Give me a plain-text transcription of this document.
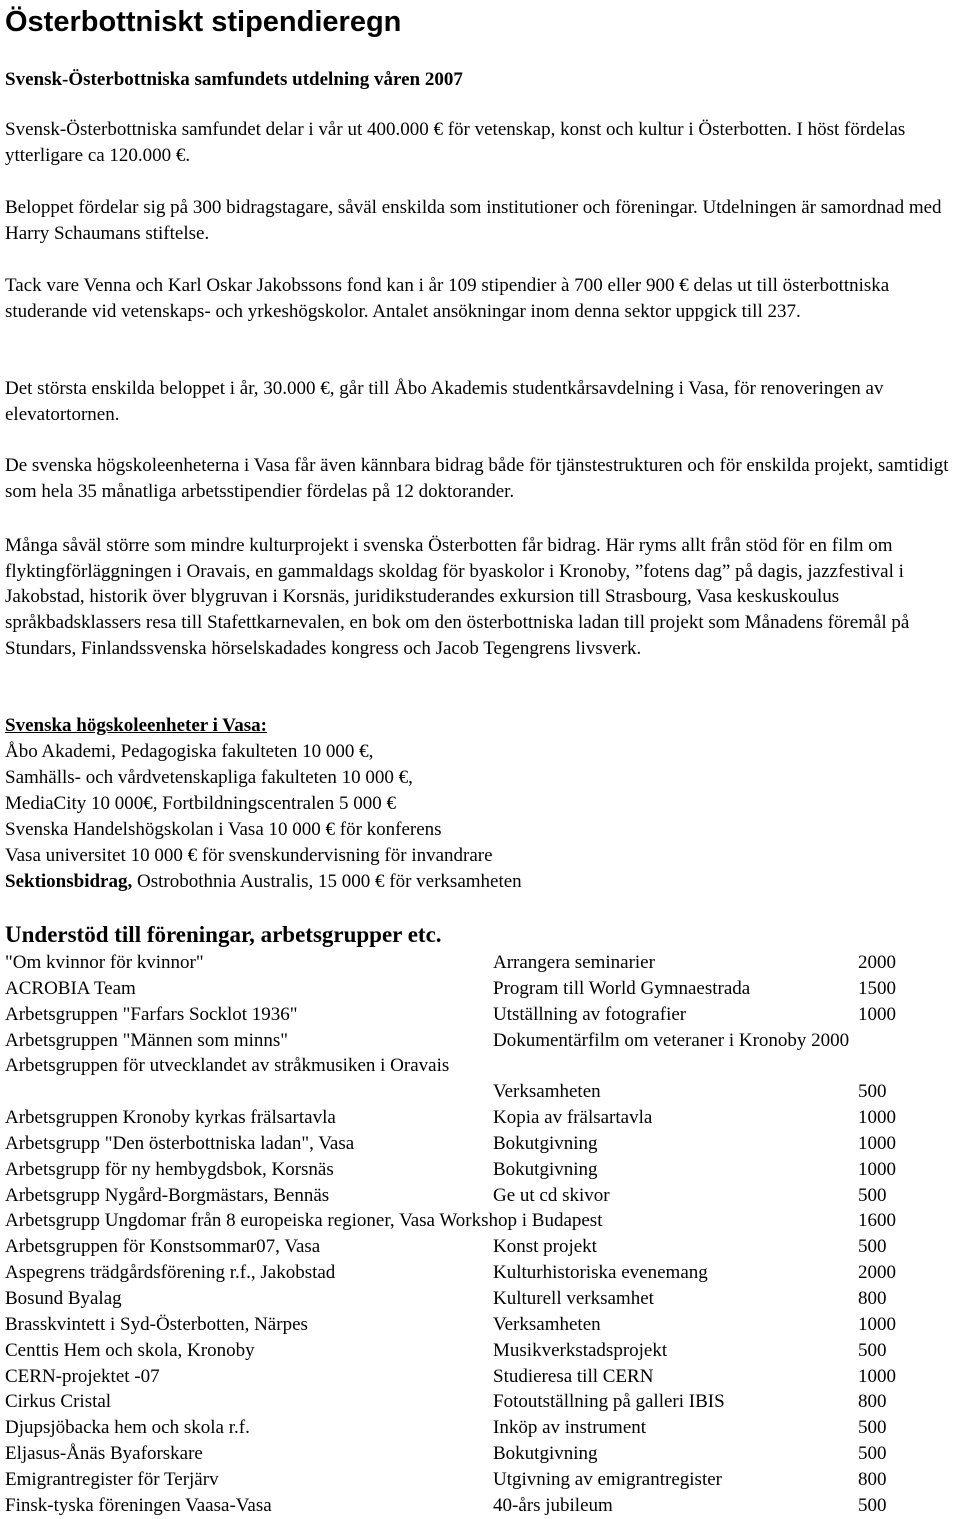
Österbottniskt stipendieregn
Svensk-Österbottniska samfundets utdelning våren 2007

Svensk-Österbottniska samfundet delar i vår ut 400.000 € för vetenskap, konst och kultur i Österbotten. I höst fördelas ytterligare ca 120.000 €.

Beloppet fördelar sig på 300 bidragstagare, såväl enskilda som institutioner och föreningar. Utdelningen är samordnad med Harry Schaumans stiftelse.

Tack vare Venna och Karl Oskar Jakobssons fond kan i år 109 stipendier à 700 eller 900 € delas ut till österbottniska studerande vid vetenskaps- och yrkeshögskolor. Antalet ansökningar inom denna sektor uppgick till 237.

Det största enskilda beloppet i år, 30.000 €, går till Åbo Akademis studentkårsavdelning i Vasa, för renoveringen av elevatortornen.

De svenska högskoleenheterna i Vasa får även kännbara bidrag både för tjänstestrukturen och för enskilda projekt, samtidigt som hela 35 månatliga arbetsstipendier fördelas på 12 doktorander.

Många såväl större som mindre kulturprojekt i svenska Österbotten får bidrag. Här ryms allt från stöd för en film om flyktingförläggningen i Oravais, en gammaldags skoldag för byaskolor i Kronoby, ”fotens dag” på dagis, jazzfestival i Jakobstad, historik över blygruvan i Korsnäs, juridikstuderandes exkursion till Strasbourg, Vasa keskuskoulus språkbadsklassers resa till Stafettkarnevalen, en bok om den österbottniska ladan till projekt som Månadens föremål på Stundars, Finlandssvenska hörselskadades kongress och Jacob Tegengrens livsverk.

Svenska högskoleenheter i Vasa:
Åbo Akademi, Pedagogiska fakulteten 10 000 €,
Samhälls- och vårdvetenskapliga fakulteten 10 000 €,
MediaCity 10 000€, Fortbildningscentralen 5 000 €
Svenska Handelshögskolan i Vasa 10 000 € för konferens
Vasa universitet 10 000 € för svenskundervisning för invandrare
Sektionsbidrag, Ostrobothnia Australis, 15 000 € för verksamheten
Understöd till föreningar, arbetsgrupper etc.
"Om kvinnor för kvinnor"	Arrangera seminarier	2000
ACROBIA Team	Program till World Gymnaestrada	1500
Arbetsgruppen "Farfars Socklot 1936"	Utställning av fotografier	1000
Arbetsgruppen "Männen som minns"	Dokumentärfilm om veteraner i Kronoby 2000
Arbetsgruppen för utvecklandet av stråkmusiken i Oravais
Verksamheten	500
Arbetsgruppen Kronoby kyrkas frälsartavla	Kopia av frälsartavla	1000
Arbetsgrupp "Den österbottniska ladan", Vasa	Bokutgivning	1000
Arbetsgrupp för ny hembygdsbok, Korsnäs	Bokutgivning	1000
Arbetsgrupp Nygård-Borgmästars, Bennäs	Ge ut cd skivor	500
Arbetsgrupp Ungdomar från 8 europeiska regioner, Vasa Workshop i Budapest	1600
Arbetsgruppen för Konstsommar07, Vasa	Konst projekt	500
Aspegrens trädgårdsförening r.f., Jakobstad	Kulturhistoriska evenemang	2000
Bosund Byalag	Kulturell verksamhet	800
Brasskvintett i Syd-Österbotten, Närpes	Verksamheten	1000
Centtis Hem och skola, Kronoby	Musikverkstadsprojekt	500
CERN-projektet -07	Studieresa till CERN	1000
Cirkus Cristal	Fotoutställning på galleri IBIS	800
Djupsjöbacka hem och skola r.f.	Inköp av instrument	500
Eljasus-Ånäs Byaforskare	Bokutgivning	500
Emigrantregister för Terjärv	Utgivning av emigrantregister	800
Finsk-tyska föreningen Vaasa-Vasa	40-års jubileum	500
